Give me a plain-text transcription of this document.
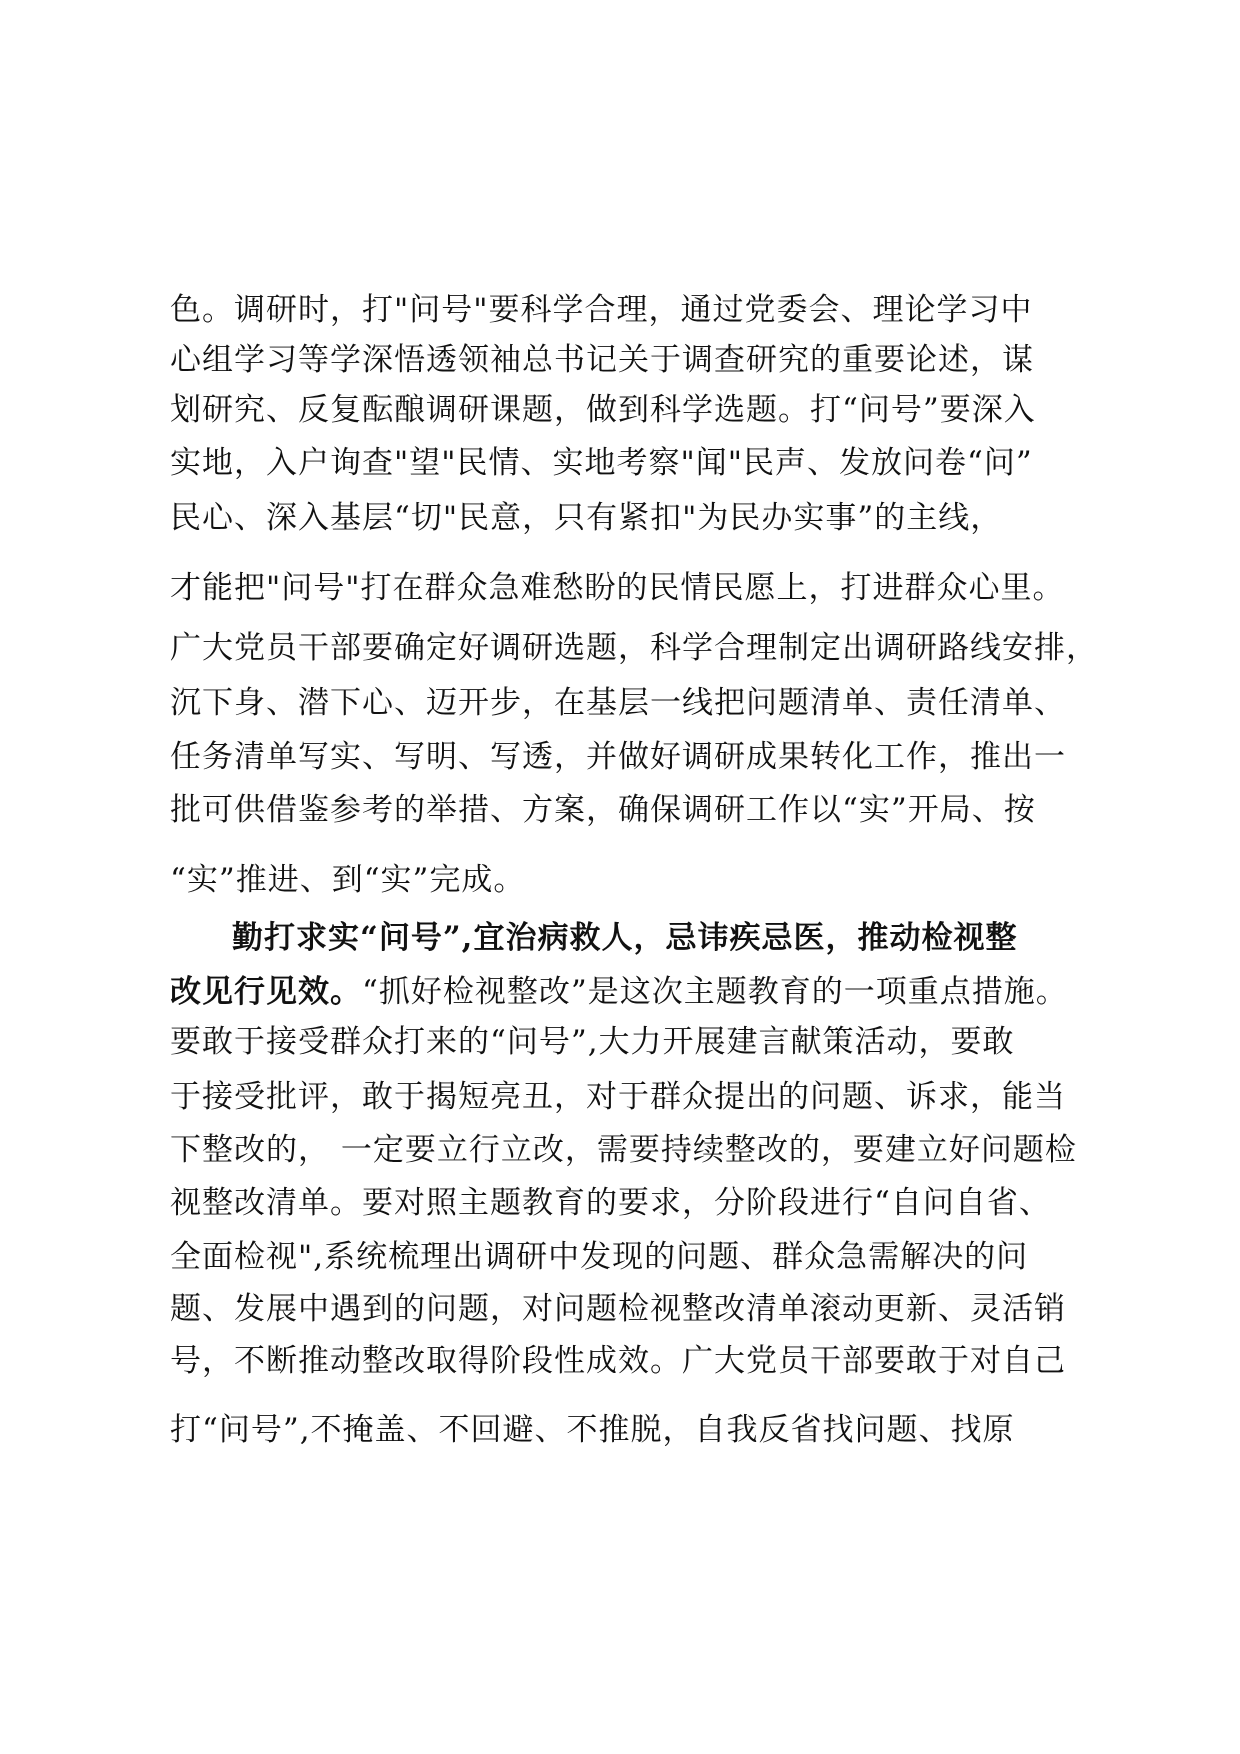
色。调研时，打"问号"要科学合理，通过党委会、理论学习中
心组学习等学深悟透领袖总书记关于调查研究的重要论述，谋
划研究、反复酝酿调研课题，做到科学选题。打“问号”要深入
实地，入户询查"望"民情、实地考察"闻"民声、发放问卷“问”
民心、深入基层“切"民意，只有紧扣"为民办实事”的主线，
才能把"问号"打在群众急难愁盼的民情民愿上，打进群众心里。
广大党员干部要确定好调研选题，科学合理制定出调研路线安排，
沉下身、潜下心、迈开步，在基层一线把问题清单、责任清单、
任务清单写实、写明、写透，并做好调研成果转化工作，推出一
批可供借鉴参考的举措、方案，确保调研工作以“实”开局、按
“实”推进、到“实”完成。
勤打求实“问号”,宜治病救人，忌讳疾忌医，推动检视整
改见行见效。“抓好检视整改”是这次主题教育的一项重点措施。
要敢于接受群众打来的“问号”,大力开展建言献策活动，要敢
于接受批评，敢于揭短亮丑，对于群众提出的问题、诉求，能当
下整改的， 一定要立行立改，需要持续整改的，要建立好问题检
视整改清单。要对照主题教育的要求，分阶段进行“自问自省、
全面检视",系统梳理出调研中发现的问题、群众急需解决的问
题、发展中遇到的问题，对问题检视整改清单滚动更新、灵活销
号，不断推动整改取得阶段性成效。广大党员干部要敢于对自己
打“问号”,不掩盖、不回避、不推脱，自我反省找问题、找原
